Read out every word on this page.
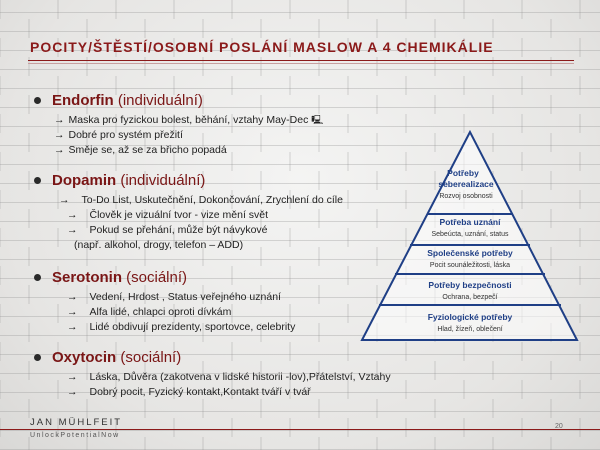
POCITY/ŠTĚSTÍ/OSOBNÍ POSLÁNÍ MASLOW A 4 CHEMIKÁLIE
Endorfin (individuální)
→ Maska pro fyzickou bolest, běhání, vztahy May-Dec 🖳
→ Dobré pro systém přežití
→ Směje se, až se za břicho popadá
Dopamin (individuální)
→ To-Do List, Uskutečnění, Dokončování, Zrychlení do cíle
→ Člověk je vizuální tvor - vize mění svět
→ Pokud se přehání, může být návykové
(např. alkohol, drogy, telefon – ADD)
Serotonin (sociální)
→ Vedení, Hrdost , Status veřejného uznání
→ Alfa lidé, chlapci oproti dívkám
→ Lidé obdivují prezidenty, sportovce, celebrity
Oxytocin (sociální)
→ Láska, Důvěra (zakotvena v lidské historii -lov),Přátelství, Vztahy
→ Dobrý pocit, Fyzický kontakt,Kontakt tváří v tvář
Potřeby
seberealizace
Rozvoj osobnosti
Potřeba uznání
Sebeúcta, uznání, status
Společenské potřeby
Pocit sounáležitosti, láska
Potřeby bezpečnosti
Ochrana, bezpečí
Fyziologické potřeby
Hlad, žízeň, oblečení
JAN MÜHLFEIT
UnlockPotentialNow
20
